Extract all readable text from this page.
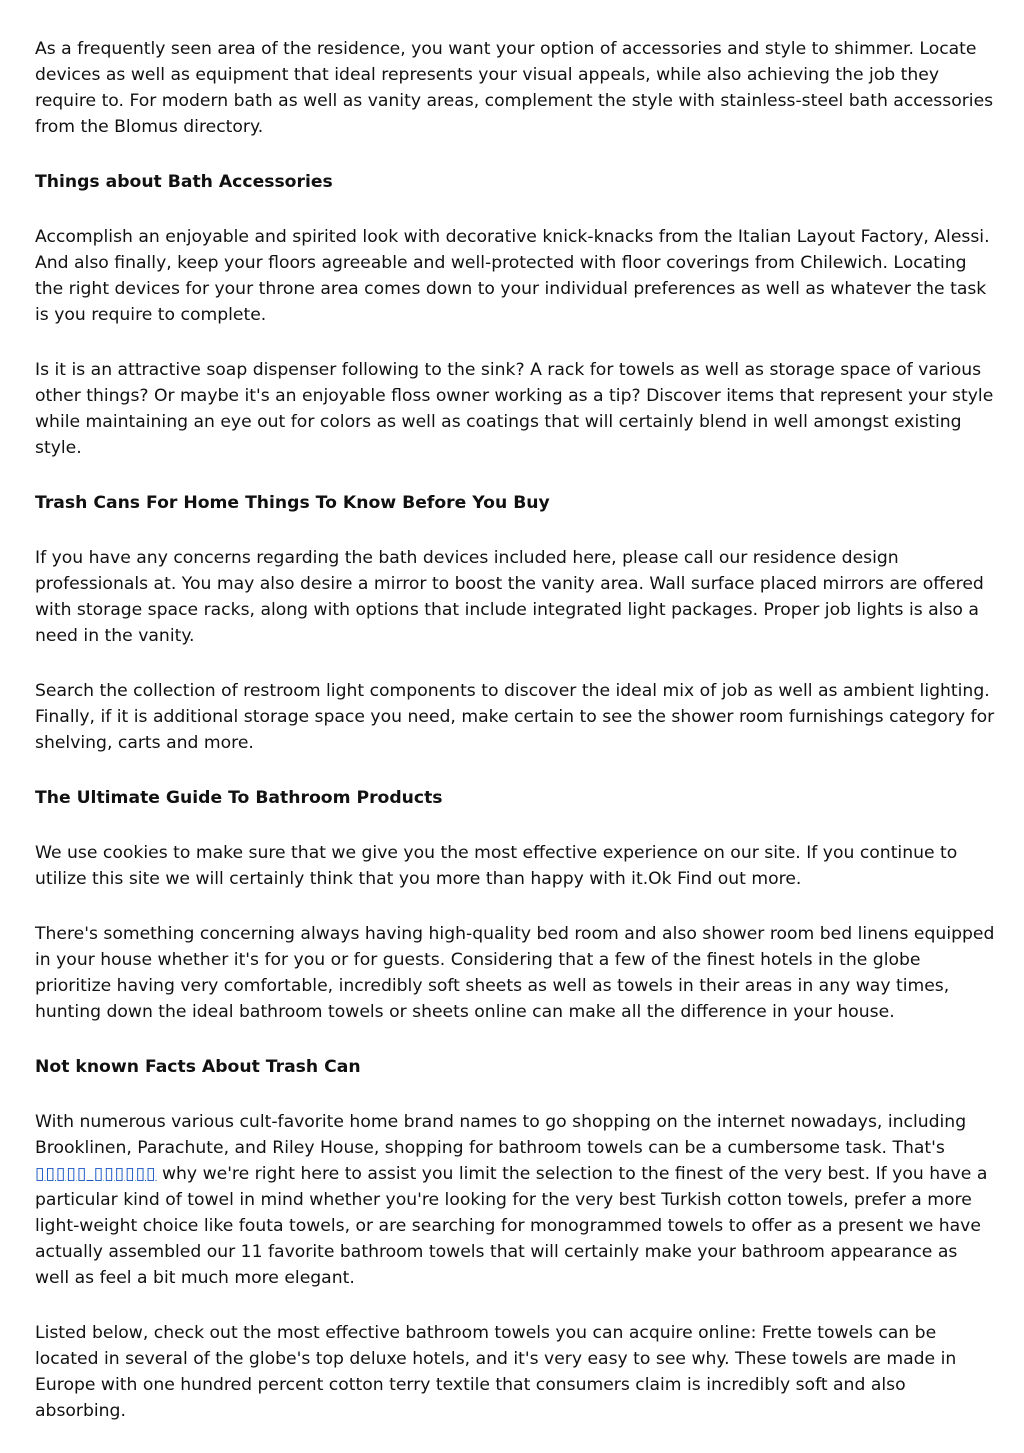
As a frequently seen area of the residence, you want your option of accessories and style to shimmer. Locate devices as well as equipment that ideal represents your visual appeals, while also achieving the job they require to. For modern bath as well as vanity areas, complement the style with stainless-steel bath accessories from the Blomus directory.

Things about Bath Accessories

Accomplish an enjoyable and spirited look with decorative knick-knacks from the Italian Layout Factory, Alessi. And also finally, keep your floors agreeable and well-protected with floor coverings from Chilewich. Locating the right devices for your throne area comes down to your individual preferences as well as whatever the task is you require to complete.

Is it is an attractive soap dispenser following to the sink? A rack for towels as well as storage space of various other things? Or maybe it's an enjoyable floss owner working as a tip? Discover items that represent your style while maintaining an eye out for colors as well as coatings that will certainly blend in well amongst existing style.

Trash Cans For Home Things To Know Before You Buy

If you have any concerns regarding the bath devices included here, please call our residence design professionals at. You may also desire a mirror to boost the vanity area. Wall surface placed mirrors are offered with storage space racks, along with options that include integrated light packages. Proper job lights is also a need in the vanity.

Search the collection of restroom light components to discover the ideal mix of job as well as ambient lighting. Finally, if it is additional storage space you need, make certain to see the shower room furnishings category for shelving, carts and more.

The Ultimate Guide To Bathroom Products

We use cookies to make sure that we give you the most effective experience on our site. If you continue to utilize this site we will certainly think that you more than happy with it.Ok Find out more.

There's something concerning always having high-quality bed room and also shower room bed linens equipped in your house whether it's for you or for guests. Considering that a few of the finest hotels in the globe prioritize having very comfortable, incredibly soft sheets as well as towels in their areas in any way times, hunting down the ideal bathroom towels or sheets online can make all the difference in your house.

Not known Facts About Trash Can

With numerous various cult-favorite home brand names to go shopping on the internet nowadays, including Brooklinen, Parachute, and Riley House, shopping for bathroom towels can be a cumbersome task. That's ▯▯▯▯▯ ▯▯▯▯▯▯ why we're right here to assist you limit the selection to the finest of the very best. If you have a particular kind of towel in mind whether you're looking for the very best Turkish cotton towels, prefer a more light-weight choice like fouta towels, or are searching for monogrammed towels to offer as a present we have actually assembled our 11 favorite bathroom towels that will certainly make your bathroom appearance as well as feel a bit much more elegant.

Listed below, check out the most effective bathroom towels you can acquire online: Frette towels can be located in several of the globe's top deluxe hotels, and it's very easy to see why. These towels are made in Europe with one hundred percent cotton terry textile that consumers claim is incredibly soft and also absorbing.
